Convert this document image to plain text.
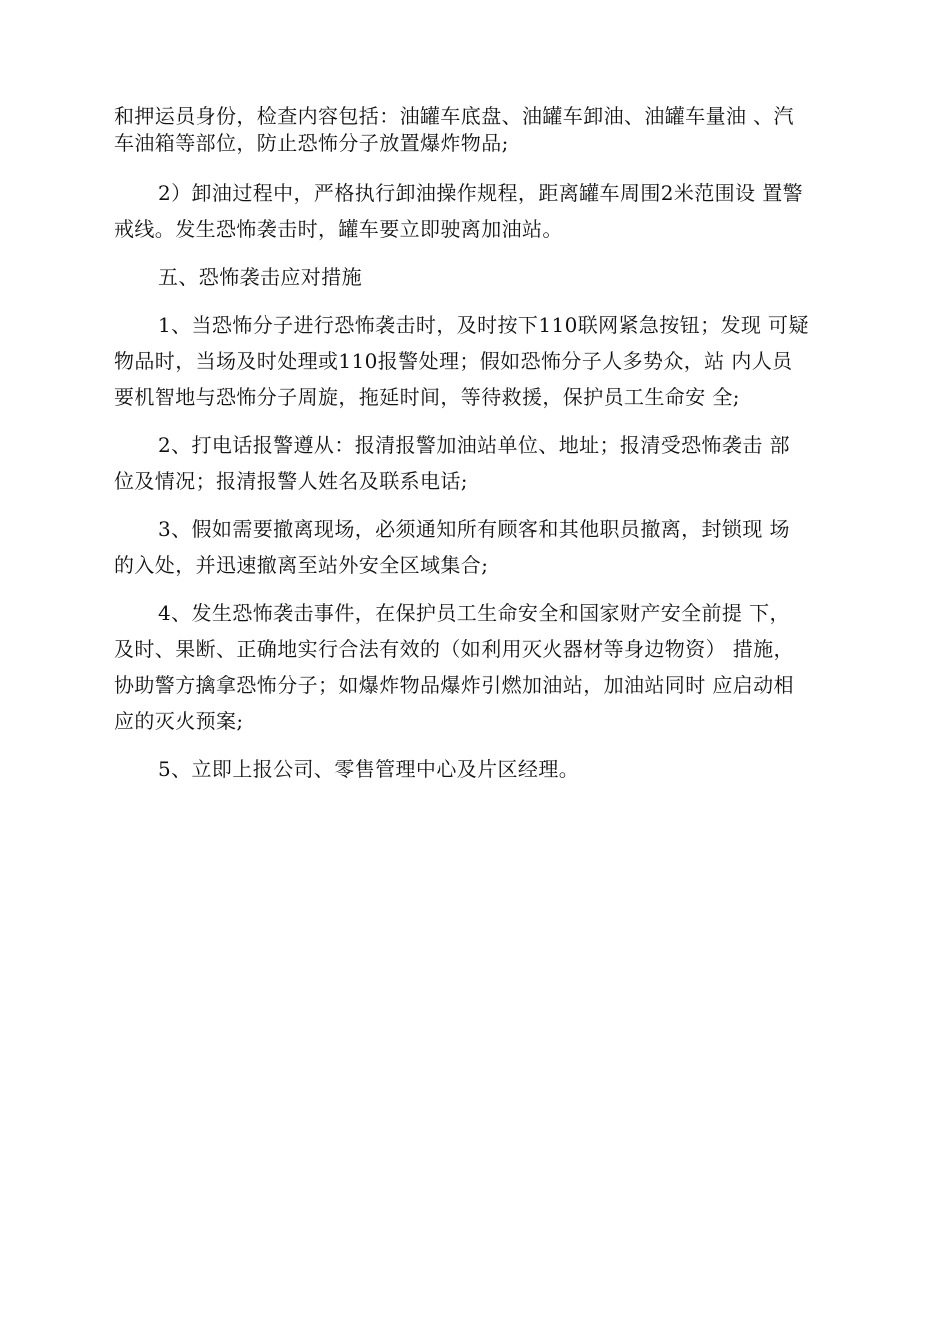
和押运员身份，检查内容包括：油罐车底盘、油罐车卸油、油罐车量油 、汽
车油箱等部位，防止恐怖分子放置爆炸物品;

2）卸油过程中，严格执行卸油操作规程，距离罐车周围2米范围设 置警
戒线。发生恐怖袭击时，罐车要立即驶离加油站。

五、恐怖袭击应对措施

1、当恐怖分子进行恐怖袭击时，及时按下110联网紧急按钮；发现 可疑
物品时，当场及时处理或110报警处理；假如恐怖分子人多势众，站 内人员
要机智地与恐怖分子周旋，拖延时间，等待救援，保护员工生命安 全;

2、打电话报警遵从：报清报警加油站单位、地址；报清受恐怖袭击 部
位及情况；报清报警人姓名及联系电话;

3、假如需要撤离现场，必须通知所有顾客和其他职员撤离，封锁现 场
的入处，并迅速撤离至站外安全区域集合;

4、发生恐怖袭击事件，在保护员工生命安全和国家财产安全前提 下，
及时、果断、正确地实行合法有效的（如利用灭火器材等身边物资） 措施，
协助警方擒拿恐怖分子；如爆炸物品爆炸引燃加油站，加油站同时 应启动相
应的灭火预案;

5、立即上报公司、零售管理中心及片区经理。
